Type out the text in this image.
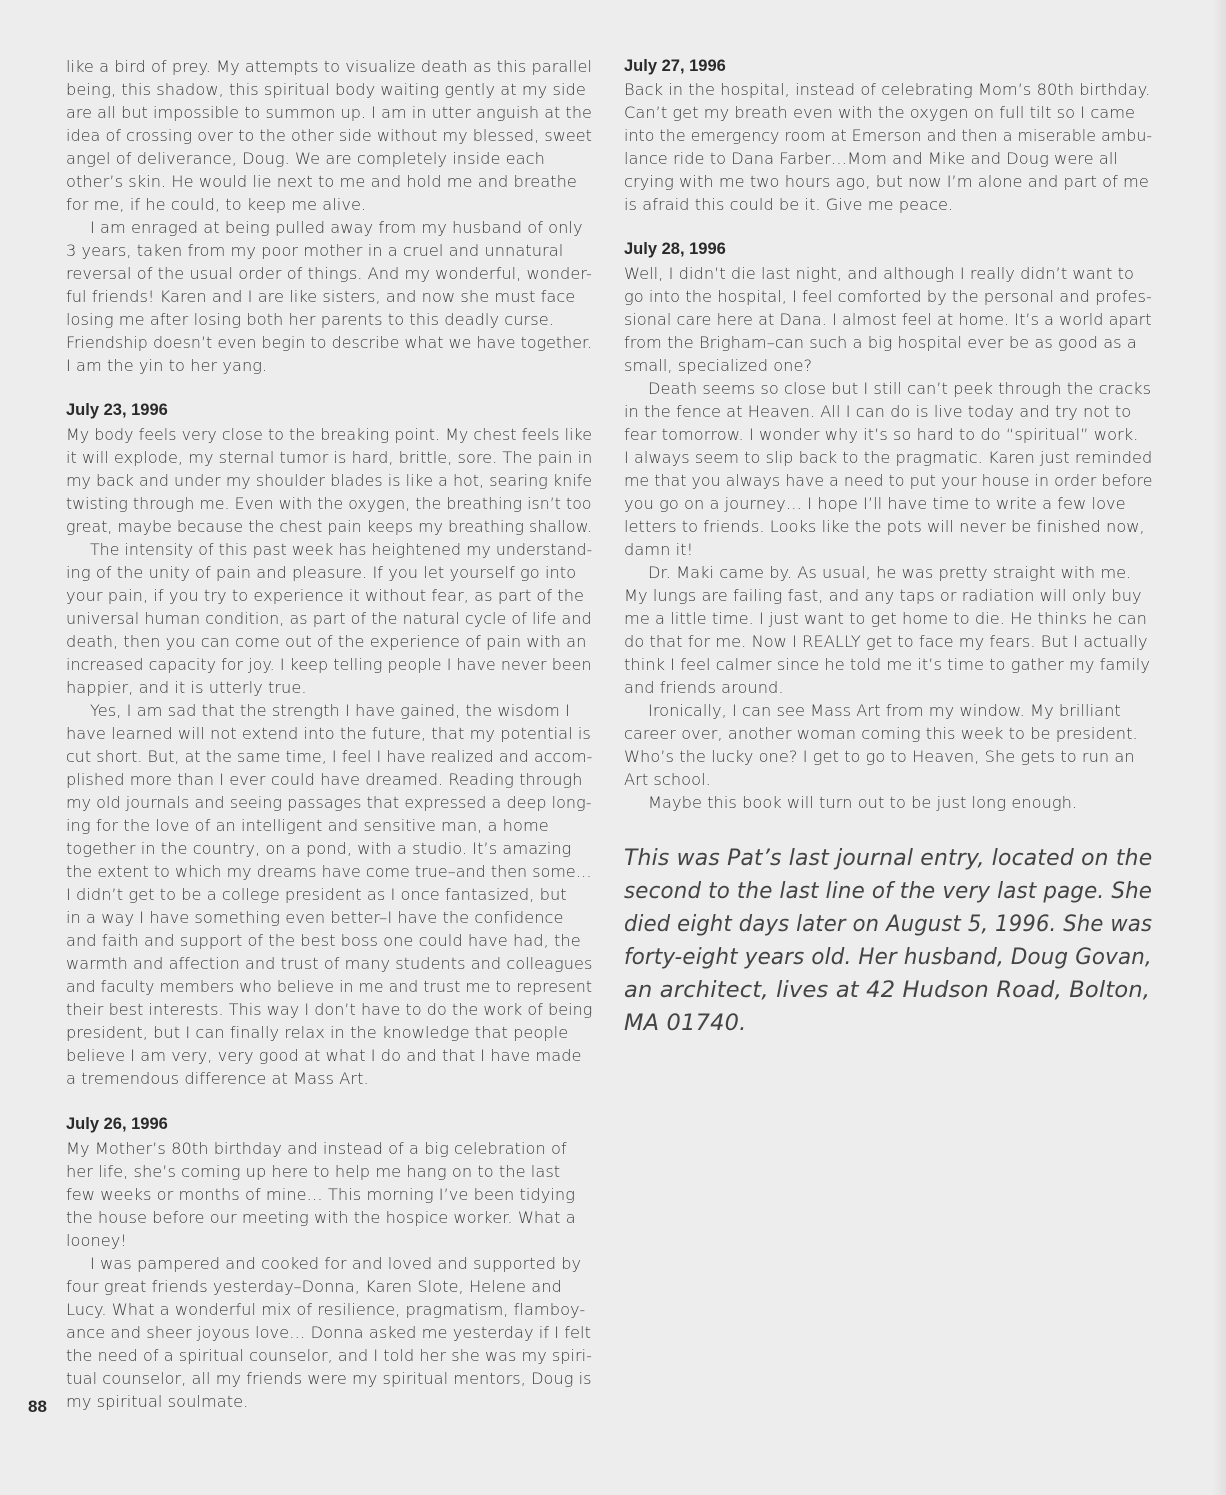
like a bird of prey. My attempts to visualize death as this parallel
being, this shadow, this spiritual body waiting gently at my side
are all but impossible to summon up. I am in utter anguish at the
idea of crossing over to the other side without my blessed, sweet
angel of deliverance, Doug. We are completely inside each
other’s skin. He would lie next to me and hold me and breathe
for me, if he could, to keep me alive.
I am enraged at being pulled away from my husband of only
3 years, taken from my poor mother in a cruel and unnatural
reversal of the usual order of things. And my wonderful, wonder-
ful friends! Karen and I are like sisters, and now she must face
losing me after losing both her parents to this deadly curse.
Friendship doesn’t even begin to describe what we have together.
I am the yin to her yang.
July 23, 1996
My body feels very close to the breaking point. My chest feels like
it will explode, my sternal tumor is hard, brittle, sore. The pain in
my back and under my shoulder blades is like a hot, searing knife
twisting through me. Even with the oxygen, the breathing isn’t too
great, maybe because the chest pain keeps my breathing shallow.
The intensity of this past week has heightened my understand-
ing of the unity of pain and pleasure. If you let yourself go into
your pain, if you try to experience it without fear, as part of the
universal human condition, as part of the natural cycle of life and
death, then you can come out of the experience of pain with an
increased capacity for joy. I keep telling people I have never been
happier, and it is utterly true.
Yes, I am sad that the strength I have gained, the wisdom I
have learned will not extend into the future, that my potential is
cut short. But, at the same time, I feel I have realized and accom-
plished more than I ever could have dreamed. Reading through
my old journals and seeing passages that expressed a deep long-
ing for the love of an intelligent and sensitive man, a home
together in the country, on a pond, with a studio. It’s amazing
the extent to which my dreams have come true–and then some…
I didn’t get to be a college president as I once fantasized, but
in a way I have something even better–I have the confidence
and faith and support of the best boss one could have had, the
warmth and affection and trust of many students and colleagues
and faculty members who believe in me and trust me to represent
their best interests. This way I don’t have to do the work of being
president, but I can finally relax in the knowledge that people
believe I am very, very good at what I do and that I have made
a tremendous difference at Mass Art.
July 26, 1996
My Mother’s 80th birthday and instead of a big celebration of
her life, she’s coming up here to help me hang on to the last
few weeks or months of mine… This morning I’ve been tidying
the house before our meeting with the hospice worker. What a
looney!
I was pampered and cooked for and loved and supported by
four great friends yesterday–Donna, Karen Slote, Helene and
Lucy. What a wonderful mix of resilience, pragmatism, flamboy-
ance and sheer joyous love… Donna asked me yesterday if I felt
the need of a spiritual counselor, and I told her she was my spiri-
tual counselor, all my friends were my spiritual mentors, Doug is
my spiritual soulmate.
July 27, 1996
Back in the hospital, instead of celebrating Mom’s 80th birthday.
Can’t get my breath even with the oxygen on full tilt so I came
into the emergency room at Emerson and then a miserable ambu-
lance ride to Dana Farber…Mom and Mike and Doug were all
crying with me two hours ago, but now I’m alone and part of me
is afraid this could be it. Give me peace.
July 28, 1996
Well, I didn’t die last night, and although I really didn’t want to
go into the hospital, I feel comforted by the personal and profes-
sional care here at Dana. I almost feel at home. It’s a world apart
from the Brigham–can such a big hospital ever be as good as a
small, specialized one?
Death seems so close but I still can’t peek through the cracks
in the fence at Heaven. All I can do is live today and try not to
fear tomorrow. I wonder why it’s so hard to do “spiritual” work.
I always seem to slip back to the pragmatic. Karen just reminded
me that you always have a need to put your house in order before
you go on a journey… I hope I’ll have time to write a few love
letters to friends. Looks like the pots will never be finished now,
damn it!
Dr. Maki came by. As usual, he was pretty straight with me.
My lungs are failing fast, and any taps or radiation will only buy
me a little time. I just want to get home to die. He thinks he can
do that for me. Now I REALLY get to face my fears. But I actually
think I feel calmer since he told me it’s time to gather my family
and friends around.
Ironically, I can see Mass Art from my window. My brilliant
career over, another woman coming this week to be president.
Who’s the lucky one? I get to go to Heaven, She gets to run an
Art school.
Maybe this book will turn out to be just long enough.
This was Pat’s last journal entry, located on the
second to the last line of the very last page. She
died eight days later on August 5, 1996. She was
forty-eight years old. Her husband, Doug Govan,
an architect, lives at 42 Hudson Road, Bolton,
MA 01740.
88
